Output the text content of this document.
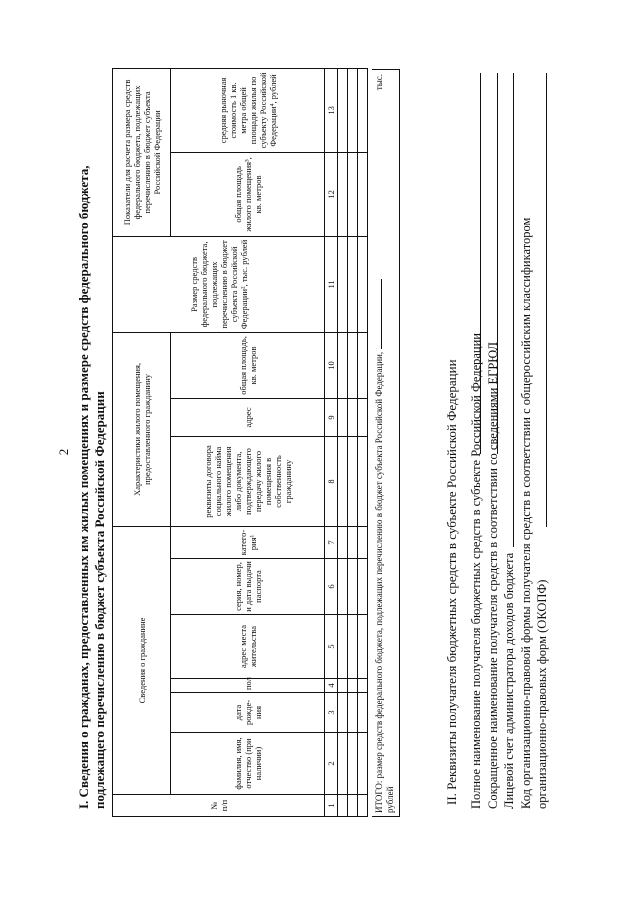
2 I. Сведения о гражданах, предоставленных им жилых помещениях и размере средств федерального бюджета, подлежащего перечислению в бюджет субъекта Российской Федерации	№ п/п	Сведения о гражданине						Характеристики жилого помещения, предоставленного гражданину			Размер средств федерального бюджета, подлежащих перечислению в бюджет субъекта Российской Федерации², тыс. рублей	Показатели для расчета размера средств федерального бюджета, подлежащих перечислению в бюджет субъекта Российской Федерации	
	фамилия, имя, отчество (при наличии)	дата рожде-ния	пол	адрес места жительства	серия, номер, и дата выдачи паспорта	катего-рия¹	реквизиты договора социального найма жилого помещения либо документа, подтверждающего передачу жилого помещения в собственность гражданину	адрес	общая площадь, кв. метров		общая площадь жилого помещения³, кв. метров	средняя рыночная стоимость 1 кв. метра общей площади жилья по субъекту Российской Федерации⁴, рублей
1	2	3	4	5	6	7	8	9	10	11	12	13

ИТОГО: размер средств федерального бюджета, подлежащих перечислению в бюджет субъекта Российской Федерации,
тыс.
рублей	II. Реквизиты получателя бюджетных средств в субъекте Российской Федерации Полное наименование получателя бюджетных средств в субъекте Российской Федерации Сокращенное наименование получателя средств в соответствии со сведениями ЕГРЮЛ Лицевой счет администратора доходов бюджета Код организационно-правовой формы получателя средств в соответствии с общероссийским классификатором организационно-правовых форм (ОКОПФ)
